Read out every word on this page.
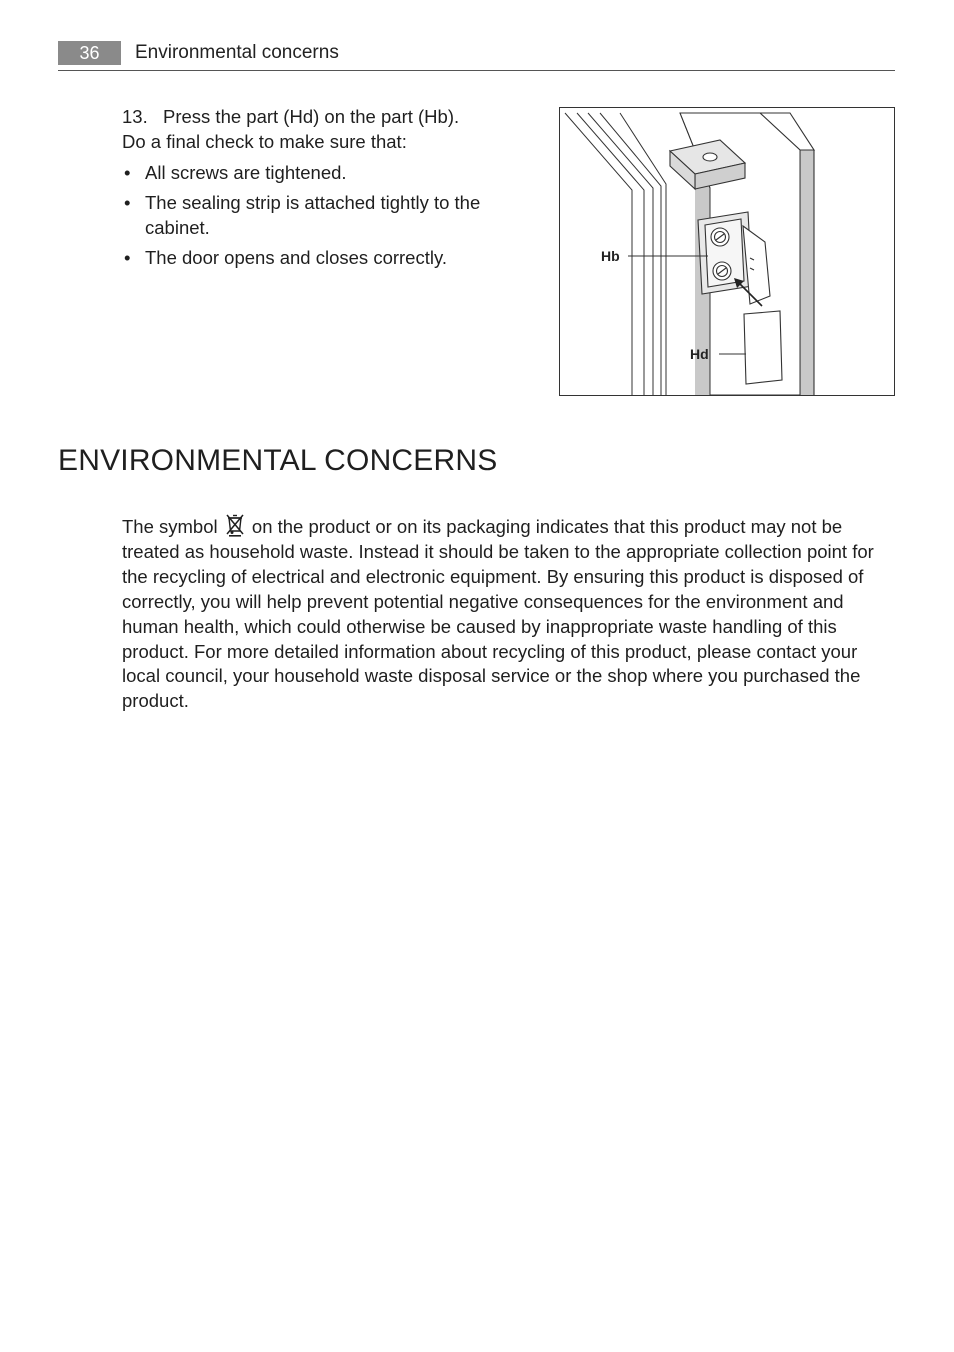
36	Environmental concerns
13. Press the part (Hd) on the part (Hb).
Do a final check to make sure that:
• All screws are tightened.
• The sealing strip is attached tightly to the cabinet.
• The door opens and closes correctly.	Hb
Hd
ENVIRONMENTAL CONCERNS

The symbol on the product or on its packaging indicates that this product may not be treated as household waste. Instead it should be taken to the appropriate collection point for the recycling of electrical and electronic equipment. By ensuring this product is disposed of correctly, you will help prevent potential negative consequences for the environment and human health, which could otherwise be caused by inappropriate waste handling of this product. For more detailed information about recycling of this product, please contact your local council, your household waste disposal service or the shop where you purchased the product.
